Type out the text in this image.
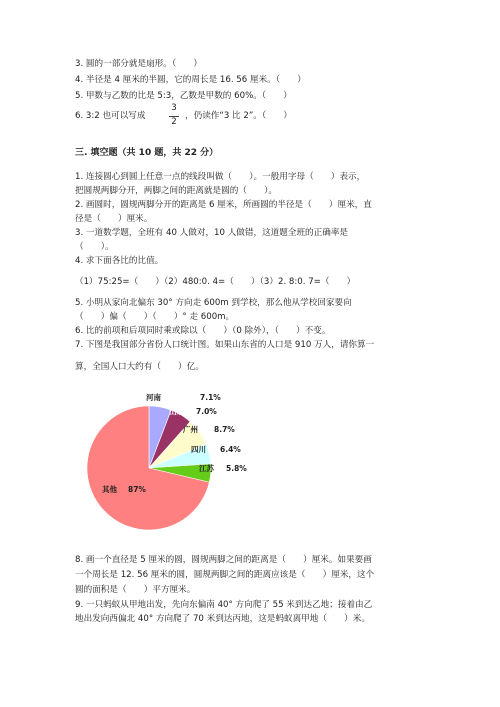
3. 圆的一部分就是扇形。（　　）
4. 半径是 4 厘米的半圆，它的周长是 16. 56 厘米。（　　）
5. 甲数与乙数的比是 5:3，乙数是甲数的 60%。（　　）
6. 3:2 也可以写成
3
2
，仍读作“3 比 2”。（　　）
三. 填空题（共 10 题，共 22 分）
1. 连接圆心到圆上任意一点的线段叫做（　　）。一般用字母（　　）表示，
把圆规两脚分开，两脚之间的距离就是圆的（　　）。
2. 画圆时，圆规两脚分开的距离是 6 厘米，所画圆的半径是（　　）厘米，直
径是（　　）厘米。
3. 一道数学题，全班有 40 人做对，10 人做错，这道题全班的正确率是
（　　）。
4. 求下面各比的比值。
（1）75:25=（　　）（2）480:0. 4=（　　）（3）2. 8:0. 7=（　　）
5. 小明从家向北偏东 30° 方向走 600m 到学校，那么他从学校回家要向
（　　）偏（　　）（　　）° 走 600m。
6. 比的前项和后项同时乘或除以（　　）（0 除外），（　　）不变。
7. 下图是我国部分省份人口统计图。如果山东省的人口是 910 万人，请你算一
算，全国人口大约有（　　）亿。
河南	7.1%
山东 7.0%
广州 8.7%
四川 6.4%
江苏 5.8%
其他 87%
8. 画一个直径是 5 厘米的圆，圆规两脚之间的距离是（　　）厘米。如果要画
一个周长是 12. 56 厘米的圆，圆规两脚之间的距离应该是（　　）厘米，这个
圆的面积是（　　）平方厘米。
9. 一只蚂蚁从甲地出发，先向东偏南 40° 方向爬了 55 米到达乙地；接着由乙
地出发向西偏北 40° 方向爬了 70 米到达丙地，这是蚂蚁离甲地（　　）米。
